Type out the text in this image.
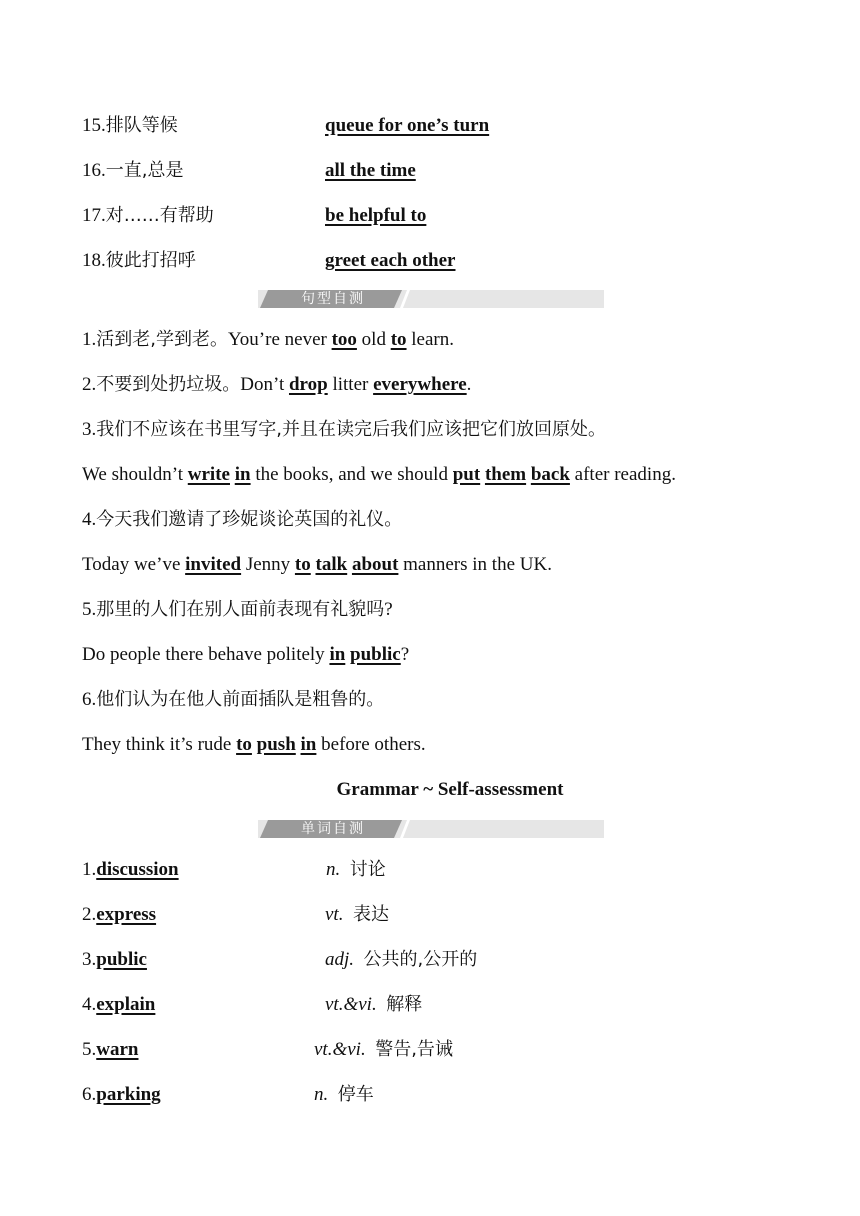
15.排队等候	queue for one’s turn
16.一直,总是	all the time
17.对……有帮助	be helpful to
18.彼此打招呼	greet each other
句型自测
1.活到老,学到老。You’re never too old to learn.
2.不要到处扔垃圾。Don’t drop litter everywhere.
3.我们不应该在书里写字,并且在读完后我们应该把它们放回原处。
We shouldn’t write in the books, and we should put them back after reading.
4.今天我们邀请了珍妮谈论英国的礼仪。
Today we’ve invited Jenny to talk about manners in the UK.
5.那里的人们在别人面前表现有礼貌吗?
Do people there behave politely in public?
6.他们认为在他人前面插队是粗鲁的。
They think it’s rude to push in before others.
Grammar ~ Self-assessment
单词自测
1.discussion	n. 讨论
2.express	vt. 表达
3.public	adj. 公共的,公开的
4.explain	vt.&vi. 解释
5.warn	vt.&vi. 警告,告诫
6.parking	n. 停车
